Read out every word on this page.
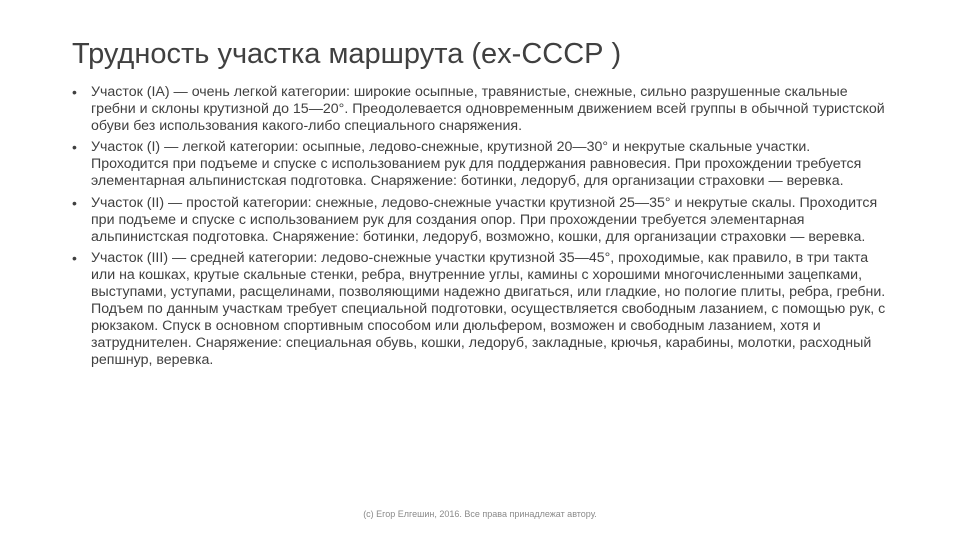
Трудность участка маршрута (ex-СССР )
• Участок (IA) — очень легкой категории: широкие осыпные, травянистые, снежные, сильно разрушенные скальные гребни и склоны крутизной до 15—20°. Преодолевается одновременным движением всей группы в обычной туристской обуви без использования какого-либо специального снаряжения.
• Участок (I) — легкой категории: осыпные, ледово-снежные, крутизной 20—30° и некрутые скальные участки. Проходится при подъеме и спуске с использованием рук для поддержания равновесия. При прохождении требуется элементарная альпинистская подготовка. Снаряжение: ботинки, ледоруб, для организации страховки — веревка.
• Участок (II) — простой категории: снежные, ледово-снежные участки крутизной 25—35° и некрутые скалы. Проходится при подъеме и спуске с использованием рук для создания опор. При прохождении требуется элементарная альпинистская подготовка. Снаряжение: ботинки, ледоруб, возможно, кошки, для организации страховки — веревка.
• Участок (III) — средней категории: ледово-снежные участки крутизной 35—45°, проходимые, как правило, в три такта или на кошках, крутые скальные стенки, ребра, внутренние углы, камины с хорошими многочисленными зацепками, выступами, уступами, расщелинами, позволяющими надежно двигаться, или гладкие, но пологие плиты, ребра, гребни. Подъем по данным участкам требует специальной подготовки, осуществляется свободным лазанием, с помощью рук, с рюкзаком. Спуск в основном спортивным способом или дюльфером, возможен и свободным лазанием, хотя и затруднителен. Снаряжение: специальная обувь, кошки, ледоруб, закладные, крючья, карабины, молотки, расходный репшнур, веревка.
(с) Егор Елгешин, 2016. Все права принадлежат автору.
